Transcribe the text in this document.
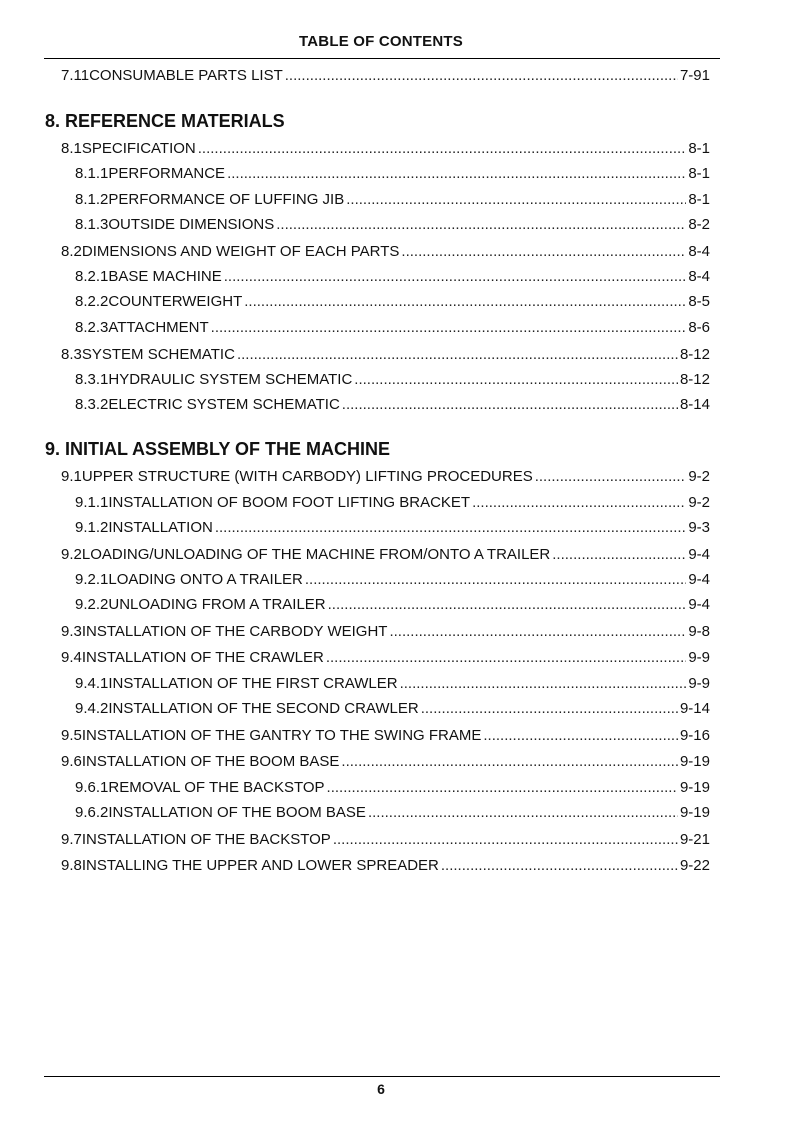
TABLE OF CONTENTS
7.11 CONSUMABLE PARTS LIST .....	7-91
8. REFERENCE MATERIALS
8.1 SPECIFICATION .....	8-1
8.1.1 PERFORMANCE .....	8-1
8.1.2 PERFORMANCE OF LUFFING JIB .....	8-1
8.1.3 OUTSIDE DIMENSIONS .....	8-2
8.2 DIMENSIONS AND WEIGHT OF EACH PARTS .....	8-4
8.2.1 BASE MACHINE .....	8-4
8.2.2 COUNTERWEIGHT .....	8-5
8.2.3 ATTACHMENT .....	8-6
8.3 SYSTEM SCHEMATIC .....	8-12
8.3.1 HYDRAULIC SYSTEM SCHEMATIC .....	8-12
8.3.2 ELECTRIC SYSTEM SCHEMATIC .....	8-14
9. INITIAL ASSEMBLY OF THE MACHINE
9.1 UPPER STRUCTURE (WITH CARBODY) LIFTING PROCEDURES .....	9-2
9.1.1 INSTALLATION OF BOOM FOOT LIFTING BRACKET .....	9-2
9.1.2 INSTALLATION .....	9-3
9.2 LOADING/UNLOADING OF THE MACHINE FROM/ONTO A TRAILER .....	9-4
9.2.1 LOADING ONTO A TRAILER .....	9-4
9.2.2 UNLOADING FROM A TRAILER .....	9-4
9.3 INSTALLATION OF THE CARBODY WEIGHT .....	9-8
9.4 INSTALLATION OF THE CRAWLER .....	9-9
9.4.1 INSTALLATION OF THE FIRST CRAWLER .....	9-9
9.4.2 INSTALLATION OF THE SECOND CRAWLER .....	9-14
9.5 INSTALLATION OF THE GANTRY TO THE SWING FRAME .....	9-16
9.6 INSTALLATION OF THE BOOM BASE .....	9-19
9.6.1 REMOVAL OF THE BACKSTOP .....	9-19
9.6.2 INSTALLATION OF THE BOOM BASE .....	9-19
9.7 INSTALLATION OF THE BACKSTOP .....	9-21
9.8 INSTALLING THE UPPER AND LOWER SPREADER .....	9-22
6
